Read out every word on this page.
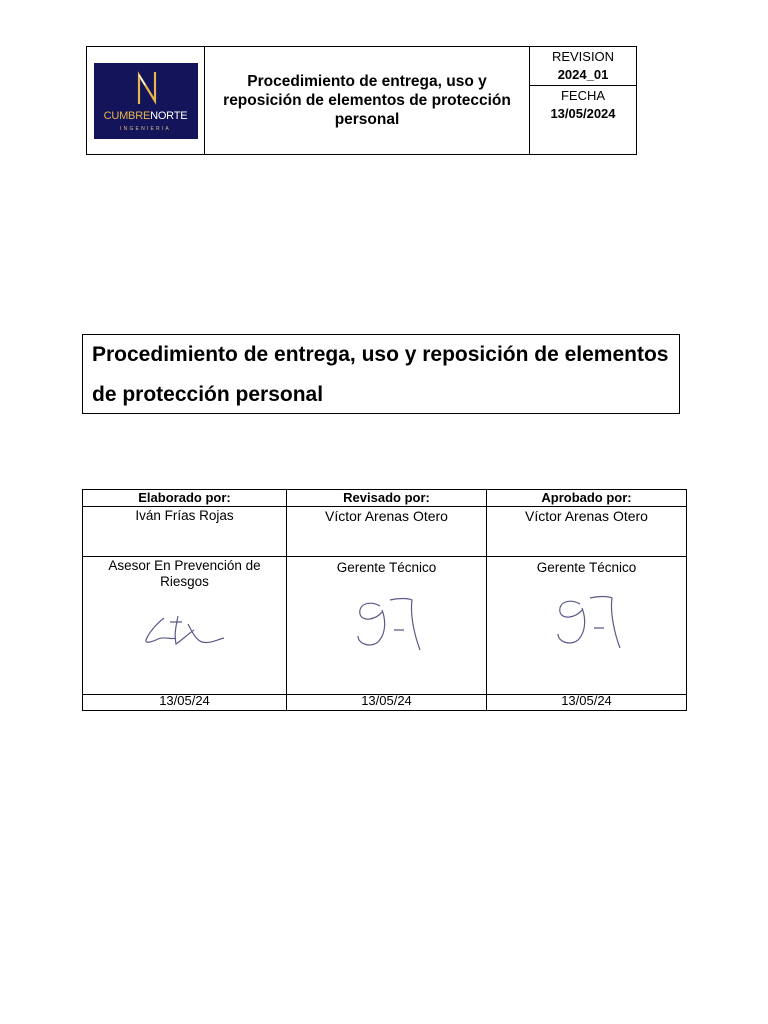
CUMBRENORTE
INGENIERIA
	Procedimiento de entrega, uso y reposición de elementos de protección personal	
REVISION
2024_01

FECHA
13/05/2024
Procedimiento de entrega, uso y reposición de elementos de protección personal
Elaborado por:	Revisado por:	Aprobado por:
Iván Frías Rojas	Víctor Arenas Otero	Víctor Arenas Otero

Asesor En Prevención de Riesgos	Gerente Técnico	Gerente Técnico

13/05/24	13/05/24	13/05/24
